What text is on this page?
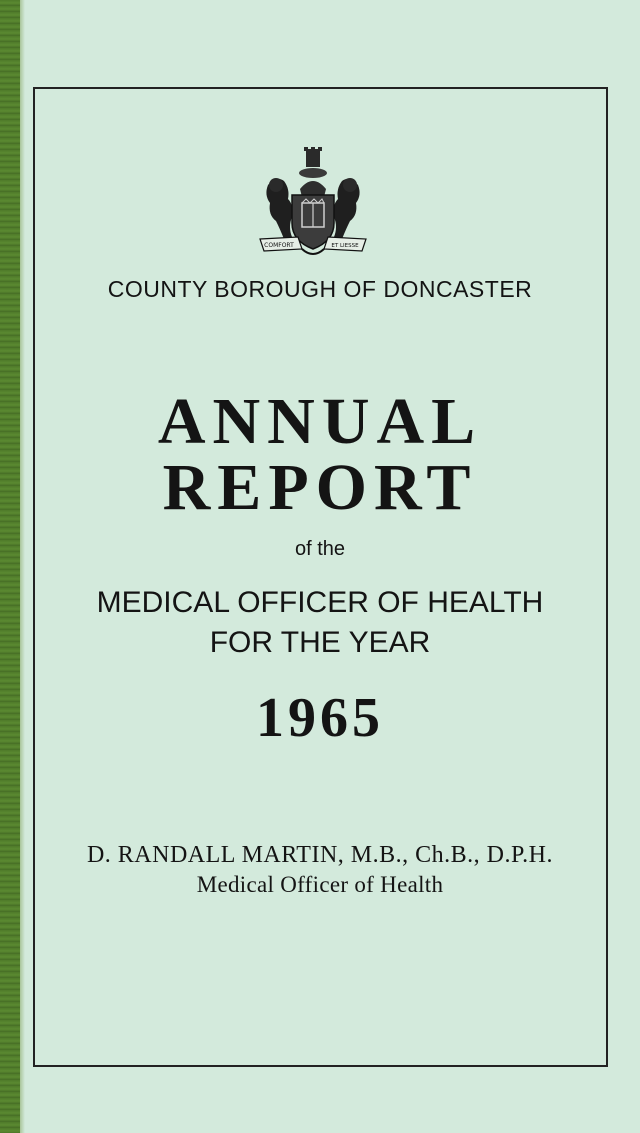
COMFORT	ET LIESSE
COUNTY BOROUGH OF DONCASTER
ANNUAL
REPORT
of the
MEDICAL OFFICER OF HEALTH
FOR THE YEAR
1965
D. RANDALL MARTIN, M.B., Ch.B., D.P.H.
Medical Officer of Health
